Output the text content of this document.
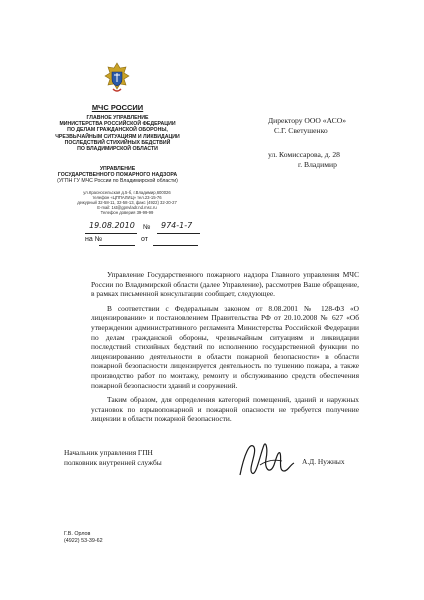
МЧС РОССИИ
ГЛАВНОЕ УПРАВЛЕНИЕ
МИНИСТЕРСТВА РОССИЙСКОЙ ФЕДЕРАЦИИ
ПО ДЕЛАМ ГРАЖДАНСКОЙ ОБОРОНЫ,
ЧРЕЗВЫЧАЙНЫМ СИТУАЦИЯМ И ЛИКВИДАЦИИ
ПОСЛЕДСТВИЙ СТИХИЙНЫХ БЕДСТВИЙ
ПО ВЛАДИМИРСКОЙ ОБЛАСТИ
УПРАВЛЕНИЕ
ГОСУДАРСТВЕННОГО ПОЖАРНОГО НАДЗОРА
(УГПН ГУ МЧС России по Владимирской области)
ул.Красносельская д.5-б, г.Владимир,600026
телефон «ЦППАЛИЦ» тел.23-15-76
дежурный 32-58-11, 32-58-13, факс (4922) 32-20-27
E-mail: 1st@gpnvladr.nd.msc.ru
Телефон доверия 39-99-99
19.08.2010 № 974-1-7
на №	от
Директору ООО «АСО»
С.Г. Светушенко
ул. Комиссарова, д. 28
г. Владимир

Управление Государственного пожарного надзора Главного управления МЧС России по Владимирской области (далее Управление), рассмотрев Ваше обращение, в рамках письменной консультации сообщает, следующее.

В соответствии с Федеральным законом от 8.08.2001 № 128-ФЗ «О лицензировании» и постановлением Правительства РФ от 20.10.2008 № 627 «Об утверждении административного регламента Министерства Российской Федерации по делам гражданской обороны, чрезвычайным ситуациям и ликвидации последствий стихийных бедствий по исполнению государственной функции по лицензированию деятельности в области пожарной безопасности» в области пожарной безопасности лицензируется деятельность по тушению пожара, а также производство работ по монтажу, ремонту и обслуживанию средств обеспечения пожарной безопасности зданий и сооружений.

Таким образом, для определения категорий помещений, зданий и наружных установок по взрывопожарной и пожарной опасности не требуется получение лицензии в области пожарной безопасности.

Начальник управления ГПН
полковник внутренней службы	А.Д. Нужных
Г.В. Орлов
(4922) 53-39-62
